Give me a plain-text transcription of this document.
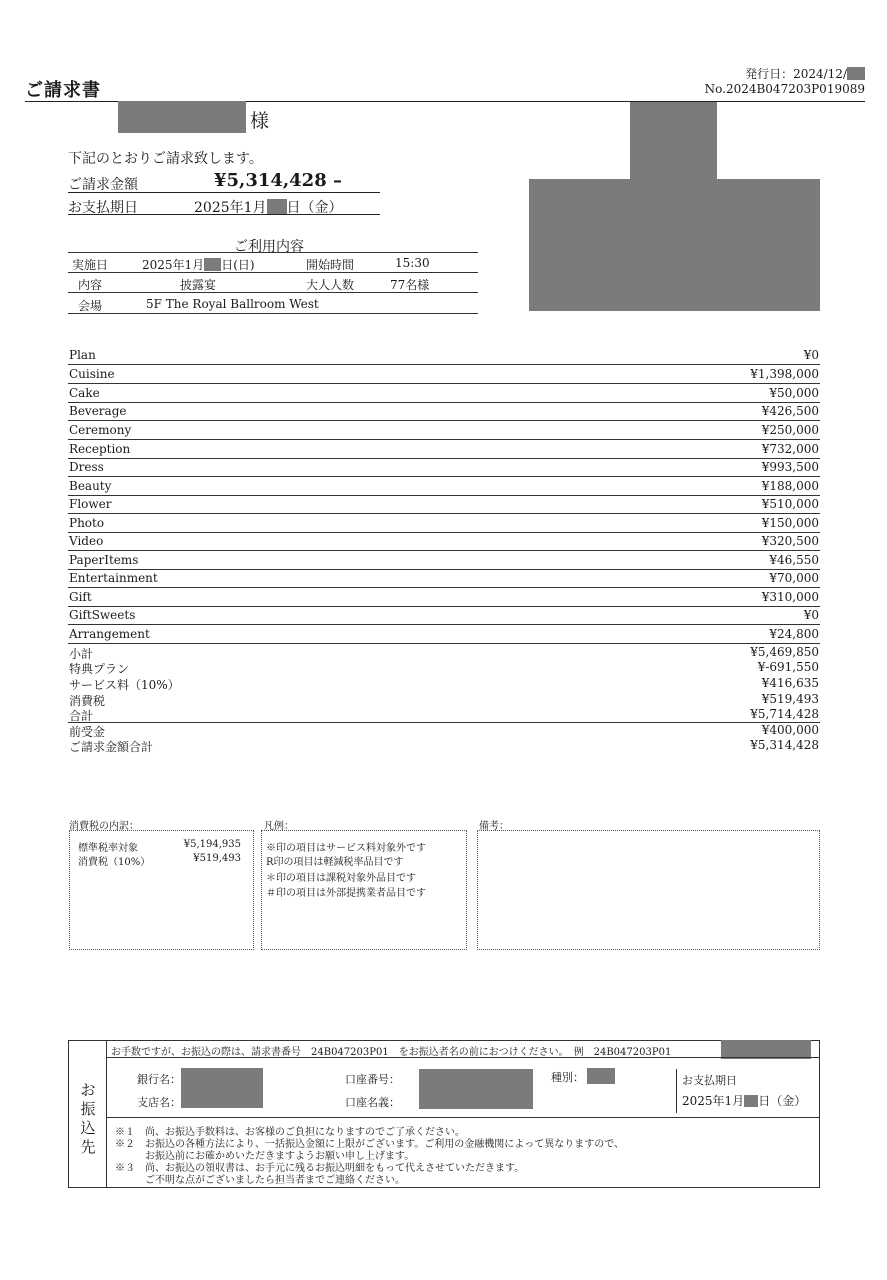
ご請求書
発行日：2024/12/
No.2024B047203P019089
様
下記のとおりご請求致します。
ご請求金額	¥5,314,428 –
お支払期日	2025年1月 日（金）
ご利用内容
実施日	2025年1月 日(日)	開始時間	15:30
内容	披露宴	大人人数	77名様
会場	5F The Royal Ballroom West
Plan	¥0
Cuisine	¥1,398,000
Cake	¥50,000
Beverage	¥426,500
Ceremony	¥250,000
Reception	¥732,000
Dress	¥993,500
Beauty	¥188,000
Flower	¥510,000
Photo	¥150,000
Video	¥320,500
PaperItems	¥46,550
Entertainment	¥70,000
Gift	¥310,000
GiftSweets	¥0
Arrangement	¥24,800
小計	¥5,469,850
特典プラン	¥-691,550
サービス料（10%）	¥416,635
消費税	¥519,493
合計	¥5,714,428
前受金	¥400,000
ご請求金額合計	¥5,314,428
消費税の内訳：
標準税率対象	¥5,194,935
消費税（10%）	¥519,493
凡例：
※印の項目はサービス料対象外です
R印の項目は軽減税率品目です
＊印の項目は課税対象外品目です
＃印の項目は外部提携業者品目です
備考：
お
振
込
先
お手数ですが、お振込の際は、請求書番号　24B047203P01　をお振込者名の前におつけください。　例　24B047203P01
銀行名：
支店名：
口座番号：
口座名義：
種別：	お支払期日
2025年1月 日（金）
※１　尚、お振込手数料は、お客様のご負担になりますのでご了承ください。
※２　お振込の各種方法により、一括振込金額に上限がございます。ご利用の金融機関によって異なりますので、
　　　お振込前にお確かめいただきますようお願い申し上げます。
※３　尚、お振込の領収書は、お手元に残るお振込明細をもって代えさせていただきます。
　　　ご不明な点がございましたら担当者までご連絡ください。
